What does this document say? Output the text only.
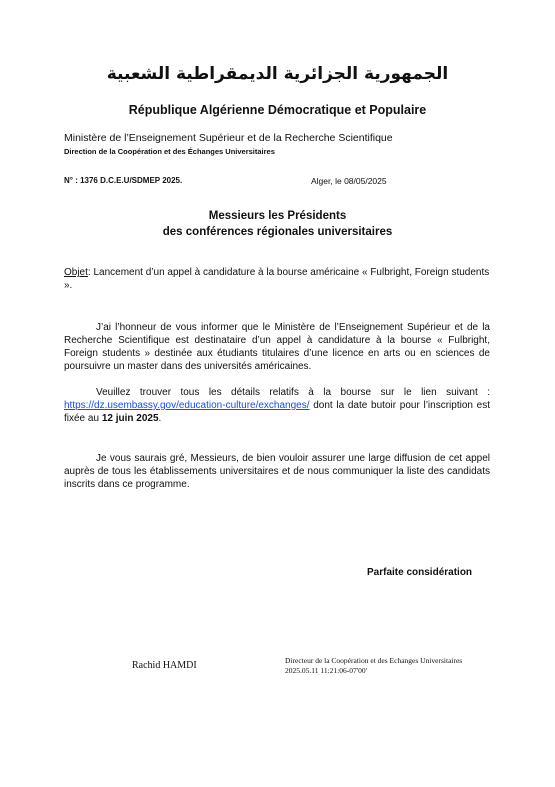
الجمهورية الجزائرية الديمقراطية الشعبية
République Algérienne Démocratique et Populaire
Ministère de l’Enseignement Supérieur et de la Recherche Scientifique
Direction de la Coopération et des Échanges Universitaires
N° : 1376 D.C.E.U/SDMEP 2025.	Alger, le 08/05/2025
Messieurs les Présidents
des conférences régionales universitaires
Objet: Lancement d’un appel à candidature à la bourse américaine « Fulbright, Foreign students ».
J’ai l’honneur de vous informer que le Ministère de l’Enseignement Supérieur et de la Recherche Scientifique est destinataire d’un appel à candidature à la bourse « Fulbright, Foreign students » destinée aux étudiants titulaires d’une licence en arts ou en sciences de poursuivre un master dans des universités américaines.
Veuillez trouver tous les détails relatifs à la bourse sur le lien suivant : https://dz.usembassy.gov/education-culture/exchanges/ dont la date butoir pour l’inscription est fixée au 12 juin 2025.
Je vous saurais gré, Messieurs, de bien vouloir assurer une large diffusion de cet appel auprès de tous les établissements universitaires et de nous communiquer la liste des candidats inscrits dans ce programme.
Parfaite considération
Rachid HAMDI	Directeur de la Coopération et des Echanges Universitaires
2025.05.11 11:21:06-07'00'
